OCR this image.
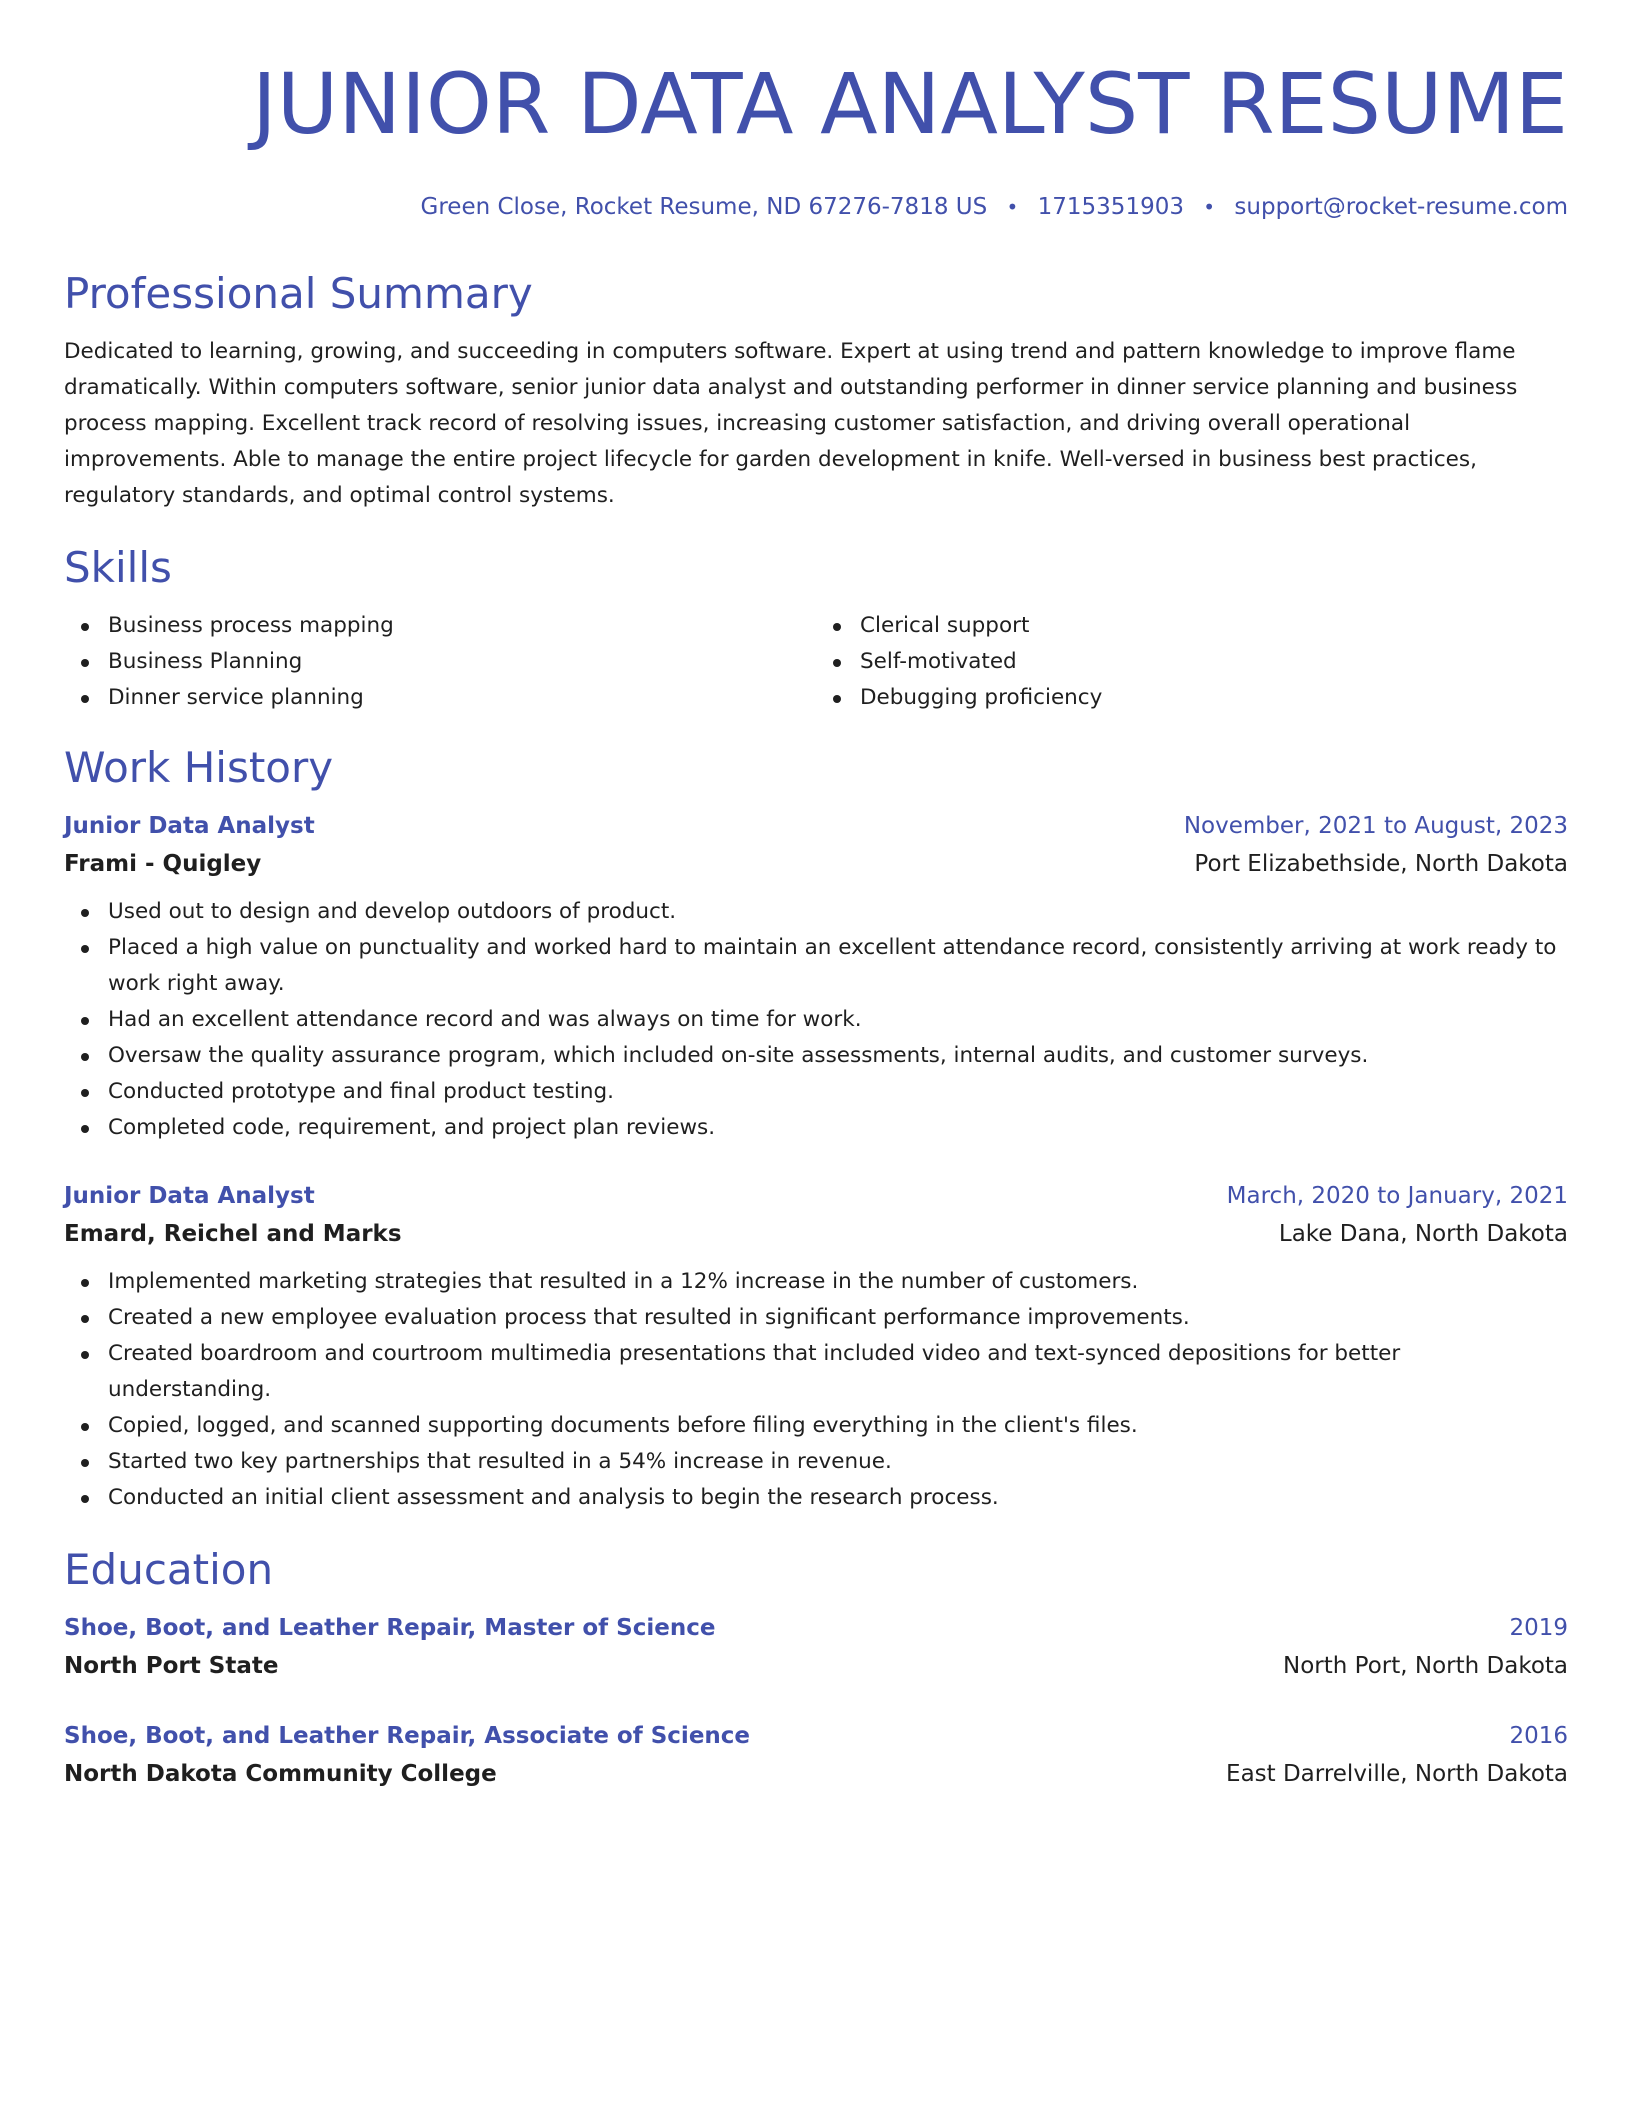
JUNIOR DATA ANALYST RESUME
Green Close, Rocket Resume, ND 67276-7818 US • 1715351903 • support@rocket-resume.com
Professional Summary
Dedicated to learning, growing, and succeeding in computers software. Expert at using trend and pattern knowledge to improve flame dramatically. Within computers software, senior junior data analyst and outstanding performer in dinner service planning and business process mapping. Excellent track record of resolving issues, increasing customer satisfaction, and driving overall operational improvements. Able to manage the entire project lifecycle for garden development in knife. Well-versed in business best practices, regulatory standards, and optimal control systems.
Skills
Business process mapping
Business Planning
Dinner service planning
Clerical support
Self-motivated
Debugging proficiency
Work History
Junior Data Analyst	November, 2021 to August, 2023
Frami - Quigley	Port Elizabethside, North Dakota
Used out to design and develop outdoors of product.
Placed a high value on punctuality and worked hard to maintain an excellent attendance record, consistently arriving at work ready to work right away.
Had an excellent attendance record and was always on time for work.
Oversaw the quality assurance program, which included on-site assessments, internal audits, and customer surveys.
Conducted prototype and final product testing.
Completed code, requirement, and project plan reviews.
Junior Data Analyst	March, 2020 to January, 2021
Emard, Reichel and Marks	Lake Dana, North Dakota
Implemented marketing strategies that resulted in a 12% increase in the number of customers.
Created a new employee evaluation process that resulted in significant performance improvements.
Created boardroom and courtroom multimedia presentations that included video and text-synced depositions for better understanding.
Copied, logged, and scanned supporting documents before filing everything in the client's files.
Started two key partnerships that resulted in a 54% increase in revenue.
Conducted an initial client assessment and analysis to begin the research process.
Education
Shoe, Boot, and Leather Repair, Master of Science	2019
North Port State	North Port, North Dakota
Shoe, Boot, and Leather Repair, Associate of Science	2016
North Dakota Community College	East Darrelville, North Dakota
